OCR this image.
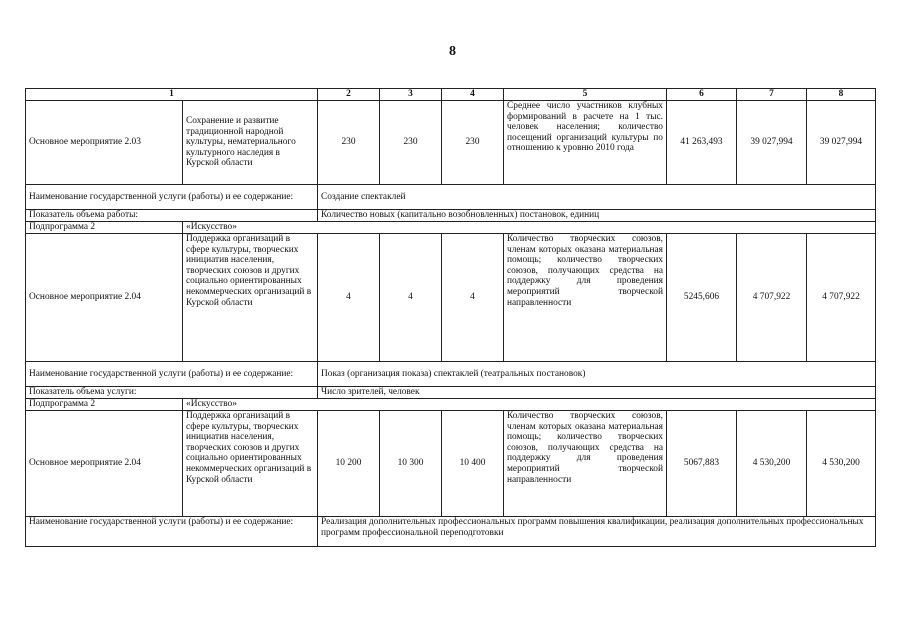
8
1		2	3	4	5	6	7	8
Основное мероприятие 2.03	Сохранение и развитие традиционной народной культуры, нематериального культурного наследия в Курской области	230	230	230	Среднее число участников клубных формирований в расчете на 1 тыс. человек населения; количество посещений организаций культуры по отношению к уровню 2010 года	41 263,493	39 027,994	39 027,994
Наименование государственной услуги (работы) и ее содержание:		Создание спектаклей						
Показатель объема работы:		Количество новых (капитально возобновленных) постановок, единиц						
Подпрограмма 2	«Искусство»							
Основное мероприятие 2.04	Поддержка организаций в сфере культуры, творческих инициатив населения, творческих союзов и других социально ориентированных некоммерческих организаций в Курской области	4	4	4	Количество творческих союзов, членам которых оказана материальная помощь; количество творческих союзов, получающих средства на поддержку для проведения мероприятий творческой направленности	5245,606	4 707,922	4 707,922
Наименование государственной услуги (работы) и ее содержание:		Показ (организация показа) спектаклей (театральных постановок)						
Показатель объема услуги:		Число зрителей, человек						
Подпрограмма 2	«Искусство»							
Основное мероприятие 2.04	Поддержка организаций в сфере культуры, творческих инициатив населения, творческих союзов и других социально ориентированных некоммерческих организаций в Курской области	10 200	10 300	10 400	Количество творческих союзов, членам которых оказана материальная помощь; количество творческих союзов, получающих средства на поддержку для проведения мероприятий творческой направленности	5067,883	4 530,200	4 530,200
Наименование государственной услуги (работы) и ее содержание:		Реализация дополнительных профессиональных программ повышения квалификации, реализация дополнительных профессиональных программ профессиональной переподготовки						
